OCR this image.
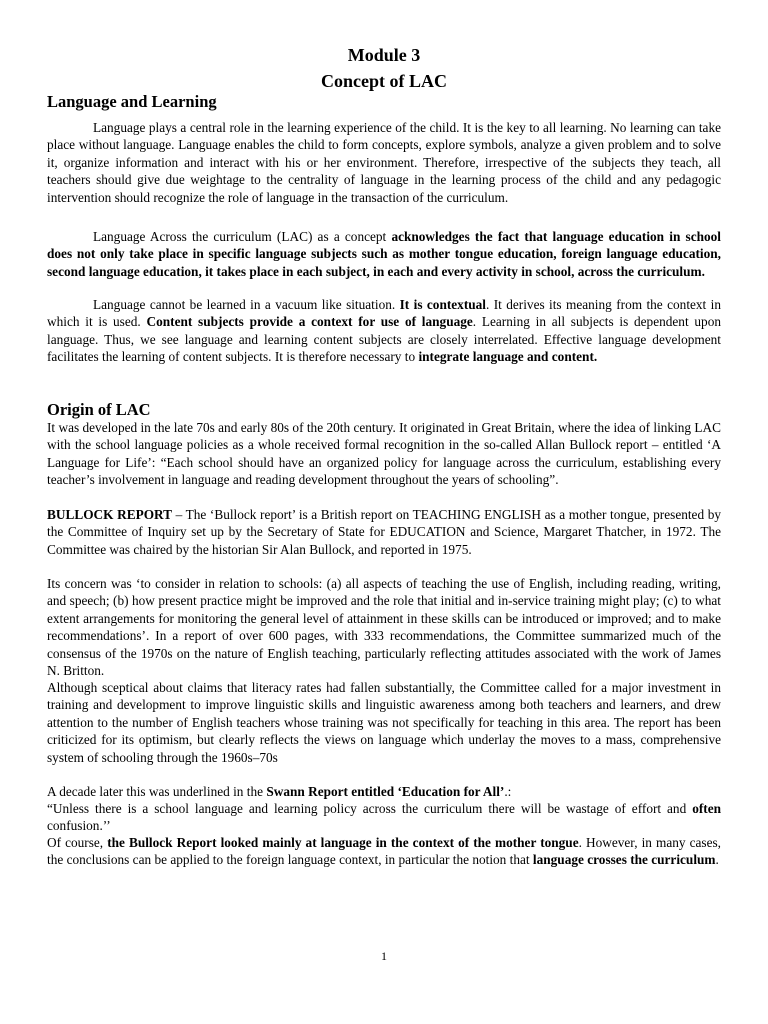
Module 3
Concept of LAC
Language and Learning

Language plays a central role in the learning experience of the child. It is the key to all learning. No learning can take place without language. Language enables the child to form concepts, explore symbols, analyze a given problem and to solve it, organize information and interact with his or her environment. Therefore, irrespective of the subjects they teach, all teachers should give due weightage to the centrality of language in the learning process of the child and any pedagogic intervention should recognize the role of language in the transaction of the curriculum.

Language Across the curriculum (LAC) as a concept acknowledges the fact that language education in school does not only take place in specific language subjects such as mother tongue education, foreign language education, second language education, it takes place in each subject, in each and every activity in school, across the curriculum.

Language cannot be learned in a vacuum like situation. It is contextual. It derives its meaning from the context in which it is used. Content subjects provide a context for use of language. Learning in all subjects is dependent upon language. Thus, we see language and learning content subjects are closely interrelated. Effective language development facilitates the learning of content subjects. It is therefore necessary to integrate language and content.

Origin of LAC

It was developed in the late 70s and early 80s of the 20th century. It originated in Great Britain, where the idea of linking LAC with the school language policies as a whole received formal recognition in the so-called Allan Bullock report – entitled ‘A Language for Life’: “Each school should have an organized policy for language across the curriculum, establishing every teacher’s involvement in language and reading development throughout the years of schooling”.

BULLOCK REPORT – The ‘Bullock report’ is a British report on TEACHING ENGLISH as a mother tongue, presented by the Committee of Inquiry set up by the Secretary of State for EDUCATION and Science, Margaret Thatcher, in 1972. The Committee was chaired by the historian Sir Alan Bullock, and reported in 1975.

Its concern was ‘to consider in relation to schools: (a) all aspects of teaching the use of English, including reading, writing, and speech; (b) how present practice might be improved and the role that initial and in-service training might play; (c) to what extent arrangements for monitoring the general level of attainment in these skills can be introduced or improved; and to make recommendations’. In a report of over 600 pages, with 333 recommendations, the Committee summarized much of the consensus of the 1970s on the nature of English teaching, particularly reflecting attitudes associated with the work of James N. Britton.

Although sceptical about claims that literacy rates had fallen substantially, the Committee called for a major investment in training and development to improve linguistic skills and linguistic awareness among both teachers and learners, and drew attention to the number of English teachers whose training was not specifically for teaching in this area. The report has been criticized for its optimism, but clearly reflects the views on language which underlay the moves to a mass, comprehensive system of schooling through the 1960s–70s

A decade later this was underlined in the Swann Report entitled ‘Education for All’.:

“Unless there is a school language and learning policy across the curriculum there will be wastage of effort and often confusion.’’

Of course, the Bullock Report looked mainly at language in the context of the mother tongue. However, in many cases, the conclusions can be applied to the foreign language context, in particular the notion that language crosses the curriculum.

1
